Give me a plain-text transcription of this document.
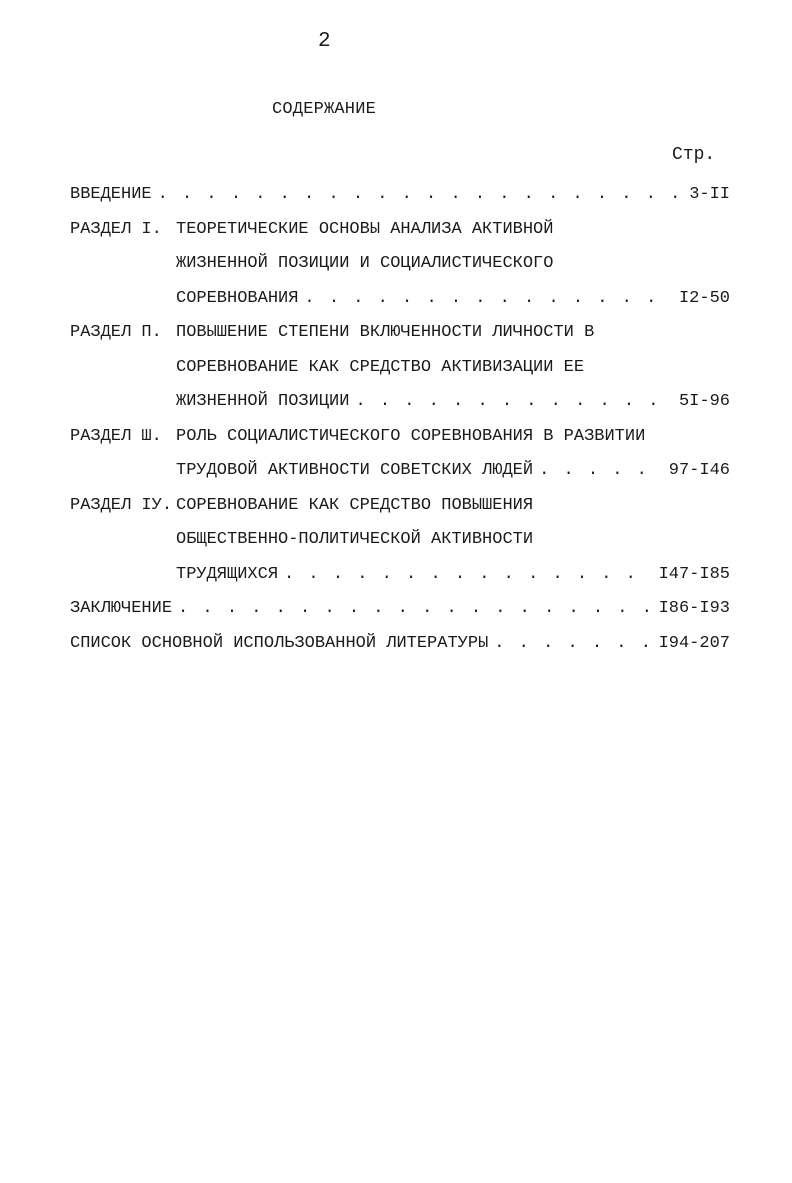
2
СОДЕРЖАНИЕ
Стр.
ВВЕДЕНИЕ . . .	3-II
РАЗДЕЛ I. ТЕОРЕТИЧЕСКИЕ ОСНОВЫ АНАЛИЗА АКТИВНОЙ
ЖИЗНЕННОЙ ПОЗИЦИИ И СОЦИАЛИСТИЧЕСКОГО
СОРЕВНОВАНИЯ . . .	I2-50
РАЗДЕЛ П. ПОВЫШЕНИЕ СТЕПЕНИ ВКЛЮЧЕННОСТИ ЛИЧНОСТИ В
СОРЕВНОВАНИЕ КАК СРЕДСТВО АКТИВИЗАЦИИ ЕЕ
ЖИЗНЕННОЙ ПОЗИЦИИ . . .	5I-96
РАЗДЕЛ Ш. РОЛЬ СОЦИАЛИСТИЧЕСКОГО СОРЕВНОВАНИЯ В РАЗВИТИИ
ТРУДОВОЙ АКТИВНОСТИ СОВЕТСКИХ ЛЮДЕЙ . . .	97-I46
РАЗДЕЛ IУ. СОРЕВНОВАНИЕ КАК СРЕДСТВО ПОВЫШЕНИЯ
ОБЩЕСТВЕННО-ПОЛИТИЧЕСКОЙ АКТИВНОСТИ
ТРУДЯЩИХСЯ . . .	I47-I85
ЗАКЛЮЧЕНИЕ . . .	I86-I93
СПИСОК ОСНОВНОЙ ИСПОЛЬЗОВАННОЙ ЛИТЕРАТУРЫ . . .	I94-207
